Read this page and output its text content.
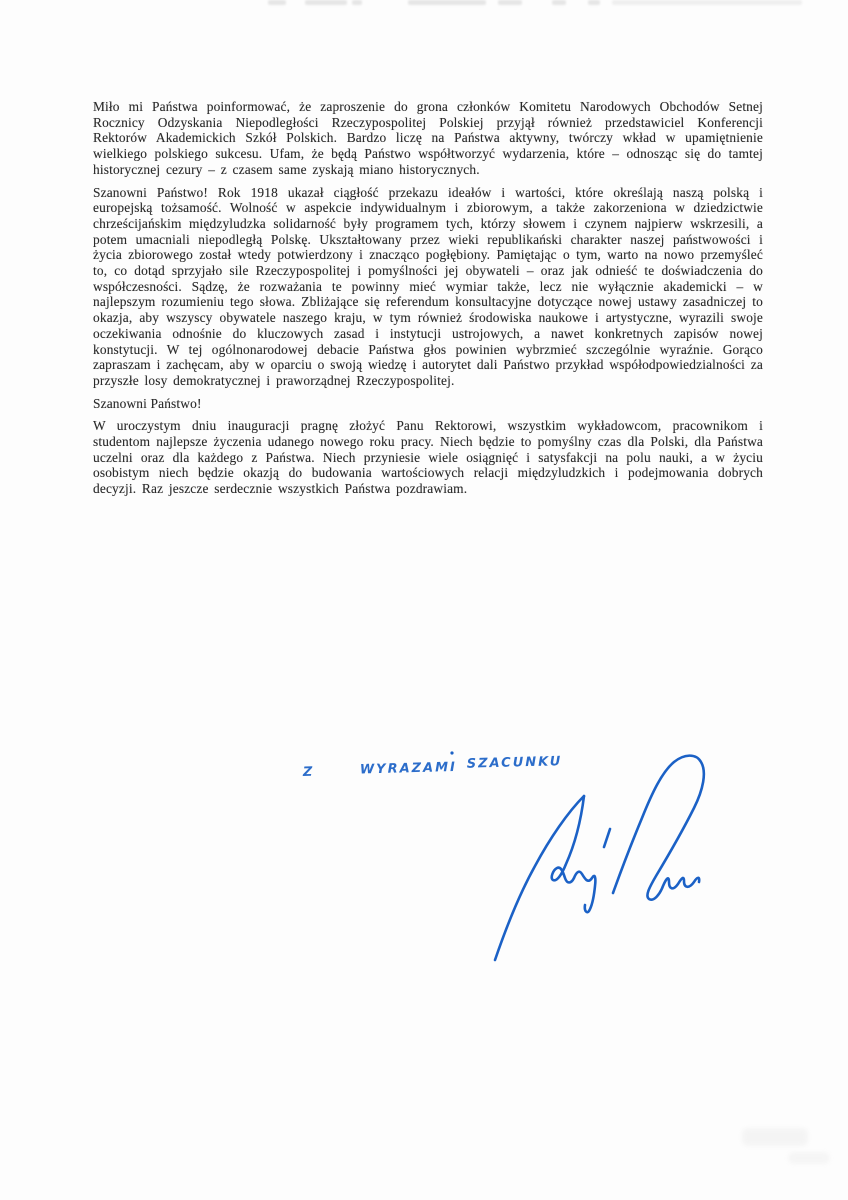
Miło mi Państwa poinformować, że zaproszenie do grona członków Komitetu Narodowych Obchodów Setnej Rocznicy Odzyskania Niepodległości Rzeczypospolitej Polskiej przyjął również przedstawiciel Konferencji Rektorów Akademickich Szkół Polskich. Bardzo liczę na Państwa aktywny, twórczy wkład w upamiętnienie wielkiego polskiego sukcesu. Ufam, że będą Państwo współtworzyć wydarzenia, które – odnosząc się do tamtej historycznej cezury – z czasem same zyskają miano historycznych.

Szanowni Państwo! Rok 1918 ukazał ciągłość przekazu ideałów i wartości, które określają naszą polską i europejską tożsamość. Wolność w aspekcie indywidualnym i zbiorowym, a także zakorzeniona w dziedzictwie chrześcijańskim międzyludzka solidarność były programem tych, którzy słowem i czynem najpierw wskrzesili, a potem umacniali niepodległą Polskę. Ukształtowany przez wieki republikański charakter naszej państwowości i życia zbiorowego został wtedy potwierdzony i znacząco pogłębiony. Pamiętając o tym, warto na nowo przemyśleć to, co dotąd sprzyjało sile Rzeczypospolitej i pomyślności jej obywateli – oraz jak odnieść te doświadczenia do współczesności. Sądzę, że rozważania te powinny mieć wymiar także, lecz nie wyłącznie akademicki – w najlepszym rozumieniu tego słowa. Zbliżające się referendum konsultacyjne dotyczące nowej ustawy zasadniczej to okazja, aby wszyscy obywatele naszego kraju, w tym również środowiska naukowe i artystyczne, wyrazili swoje oczekiwania odnośnie do kluczowych zasad i instytucji ustrojowych, a nawet konkretnych zapisów nowej konstytucji. W tej ogólnonarodowej debacie Państwa głos powinien wybrzmieć szczególnie wyraźnie. Gorąco zapraszam i zachęcam, aby w oparciu o swoją wiedzę i autorytet dali Państwo przykład współodpowiedzialności za przyszłe losy demokratycznej i praworządnej Rzeczypospolitej.

Szanowni Państwo!

W uroczystym dniu inauguracji pragnę złożyć Panu Rektorowi, wszystkim wykładowcom, pracownikom i studentom najlepsze życzenia udanego nowego roku pracy. Niech będzie to pomyślny czas dla Polski, dla Państwa uczelni oraz dla każdego z Państwa. Niech przyniesie wiele osiągnięć i satysfakcji na polu nauki, a w życiu osobistym niech będzie okazją do budowania wartościowych relacji międzyludzkich i podejmowania dobrych decyzji. Raz jeszcze serdecznie wszystkich Państwa pozdrawiam.

Z	WYRAZAMI SZACUNKU
